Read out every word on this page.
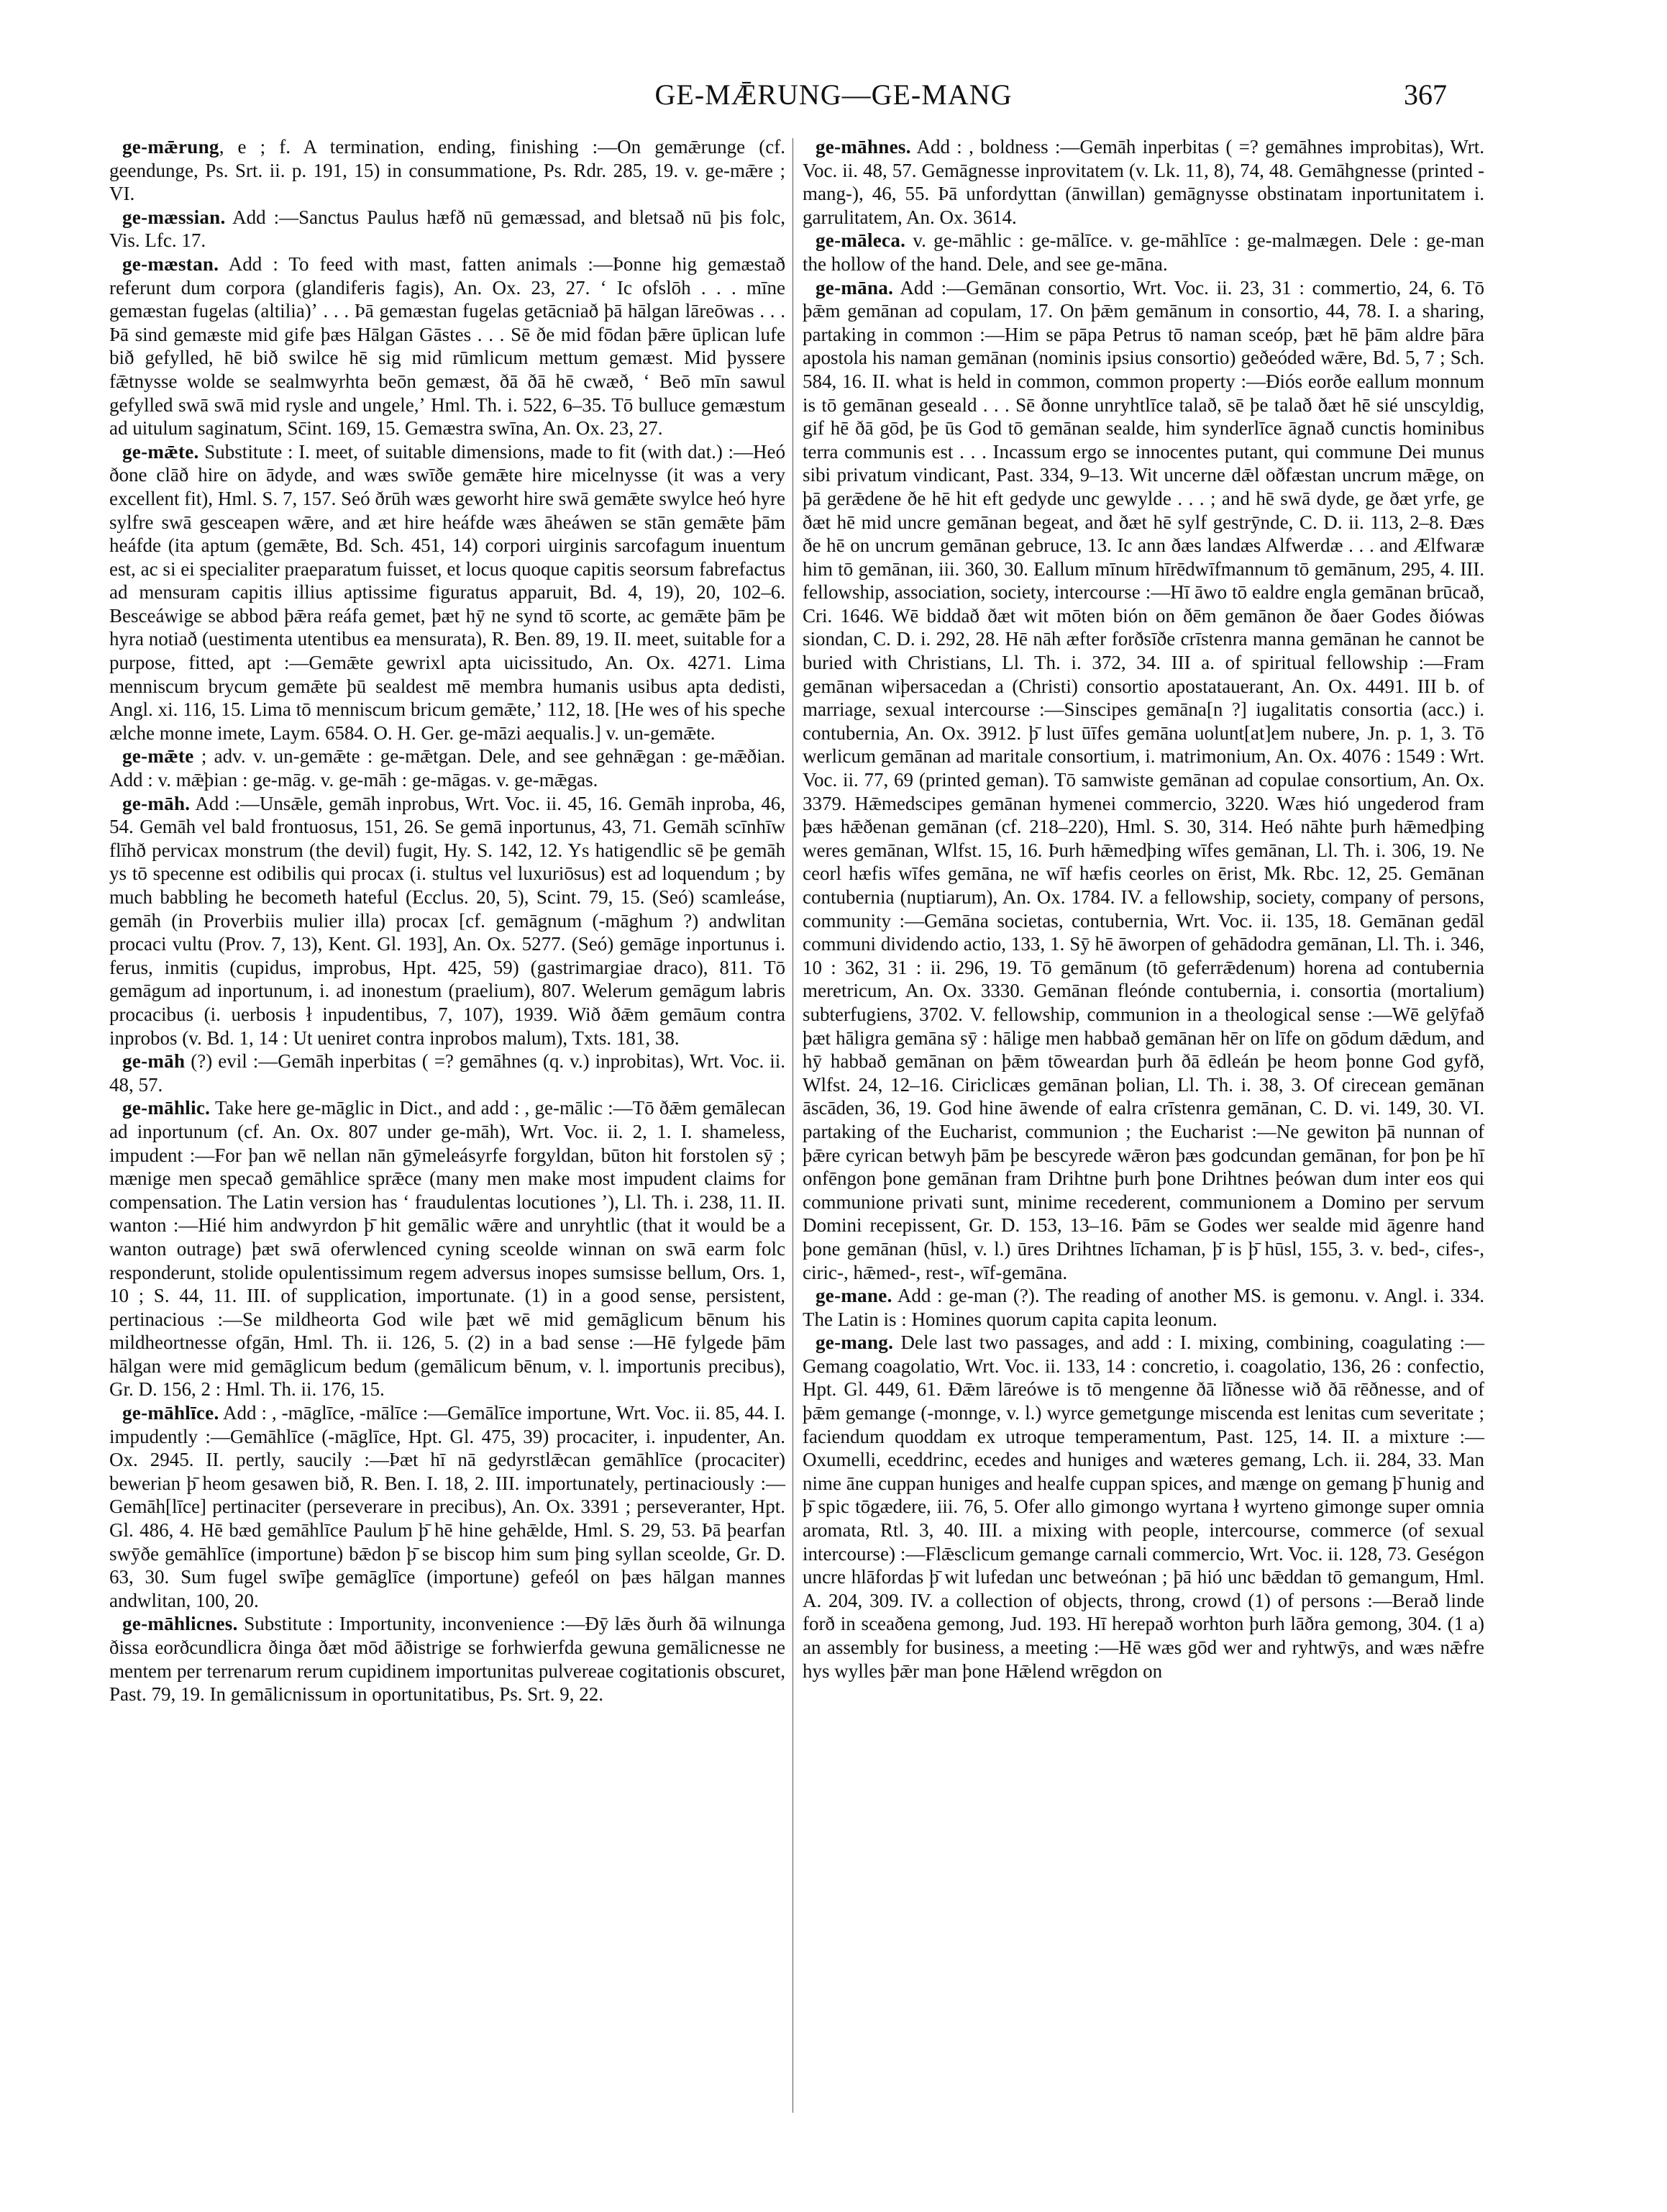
GE-MǢRUNG—GE-MANG	367

ge-mǣrung, e ; f. A termination, ending, finishing :—On gemǣrunge (cf. geendunge, Ps. Srt. ii. p. 191, 15) in consummatione, Ps. Rdr. 285, 19. v. ge-mǣre ; VI.

ge-mæssian. Add :—Sanctus Paulus hæfð nū gemæssad, and bletsað nū þis folc, Vis. Lfc. 17.

ge-mæstan. Add : To feed with mast, fatten animals :—Þonne hig gemæstað referunt dum corpora (glandiferis fagis), An. Ox. 23, 27. ʻ Ic ofslōh . . . mīne gemæstan fugelas (altilia)ʼ . . . Þā gemæstan fugelas getācniað þā hālgan lāreōwas . . . Þā sind gemæste mid gife þæs Hālgan Gāstes . . . Sē ðe mid fōdan þǣre ūplican lufe bið gefylled, hē bið swilce hē sig mid rūmlicum mettum gemæst. Mid þyssere fǣtnysse wolde se sealmwyrhta beōn gemæst, ðā ðā hē cwæð, ʻ Beō mīn sawul gefylled swā swā mid rysle and ungele,ʼ Hml. Th. i. 522, 6–35. Tō bulluce gemæstum ad uitulum saginatum, Sc̄int. 169, 15. Gemæstra swīna, An. Ox. 23, 27.

ge-mǣte. Substitute : I. meet, of suitable dimensions, made to fit (with dat.) :—Heó ðone clāð hire on ādyde, and wæs swīðe gemǣte hire micelnysse (it was a very excellent fit), Hml. S. 7, 157. Seó ðrūh wæs geworht hire swā gemǣte swylce heó hyre sylfre swā gesceapen wǣre, and æt hire heáfde wæs āheáwen se stān gemǣte þām heáfde (ita aptum (gemǣte, Bd. Sch. 451, 14) corpori uirginis sarcofagum inuentum est, ac si ei specialiter praeparatum fuisset, et locus quoque capitis seorsum fabrefactus ad mensuram capitis illius aptissime figuratus apparuit, Bd. 4, 19), 20, 102–6. Besceáwige se abbod þǣra reáfa gemet, þæt hȳ ne synd tō scorte, ac gemǣte þām þe hyra notiað (uestimenta utentibus ea mensurata), R. Ben. 89, 19. II. meet, suitable for a purpose, fitted, apt :—Gemǣte gewrixl apta uicissitudo, An. Ox. 4271. Lima menniscum brycum gemǣte þū sealdest mē membra humanis usibus apta dedisti, Angl. xi. 116, 15. Lima tō menniscum bricum gemǣte,ʼ 112, 18. [He wes of his speche ælche monne imete, Laym. 6584. O. H. Ger. ge-māzi aequalis.] v. un-gemǣte.

ge-mǣte ; adv. v. un-gemǣte : ge-mǣtgan. Dele, and see gehnǣgan : ge-mǣðian. Add : v. mǣþian : ge-māg. v. ge-māh : ge-māgas. v. ge-mǣgas.

ge-māh. Add :—Unsǣle, gemāh inprobus, Wrt. Voc. ii. 45, 16. Gemāh inproba, 46, 54. Gemāh vel bald frontuosus, 151, 26. Se gemā inportunus, 43, 71. Gemāh scīnhīw flīhð pervicax monstrum (the devil) fugit, Hy. S. 142, 12. Ys hatigendlic sē þe gemāh ys tō specenne est odibilis qui procax (i. stultus vel luxuriōsus) est ad loquendum ; by much babbling he becometh hateful (Ecclus. 20, 5), Scint. 79, 15. (Seó) scamleáse, gemāh (in Proverbiis mulier illa) procax [cf. gemāgnum (-māghum ?) andwlitan procaci vultu (Prov. 7, 13), Kent. Gl. 193], An. Ox. 5277. (Seó) gemāge inportunus i. ferus, inmitis (cupidus, improbus, Hpt. 425, 59) (gastrimargiae draco), 811. Tō gemāgum ad inportunum, i. ad inonestum (praelium), 807. Welerum gemāgum labris procacibus (i. uerbosis ł inpudentibus, 7, 107), 1939. Wið ðǣm gemāum contra inprobos (v. Bd. 1, 14 : Ut ueniret contra inprobos malum), Txts. 181, 38.

ge-māh (?) evil :—Gemāh inperbitas ( =? gemāhnes (q. v.) inprobitas), Wrt. Voc. ii. 48, 57.

ge-māhlic. Take here ge-māglic in Dict., and add : , ge-mālic :—Tō ðǣm gemālecan ad inportunum (cf. An. Ox. 807 under ge-māh), Wrt. Voc. ii. 2, 1. I. shameless, impudent :—For þan wē nellan nān gȳmeleásyrfe forgyldan, būton hit forstolen sȳ ; mænige men specað gemāhlice sprǣce (many men make most impudent claims for compensation. The Latin version has ʻ fraudulentas locutiones ʼ), Ll. Th. i. 238, 11. II. wanton :—Hié him andwyrdon þ̄ hit gemālic wǣre and unryhtlic (that it would be a wanton outrage) þæt swā oferwlenced cyning sceolde winnan on swā earm folc responderunt, stolide opulentissimum regem adversus inopes sumsisse bellum, Ors. 1, 10 ; S. 44, 11. III. of supplication, importunate. (1) in a good sense, persistent, pertinacious :—Se mildheorta God wile þæt wē mid gemāglicum bēnum his mildheortnesse ofgān, Hml. Th. ii. 126, 5. (2) in a bad sense :—Hē fylgede þām hālgan were mid gemāglicum bedum (gemālicum bēnum, v. l. importunis precibus), Gr. D. 156, 2 : Hml. Th. ii. 176, 15.

ge-māhlīce. Add : , -māglīce, -mālīce :—Gemālīce importune, Wrt. Voc. ii. 85, 44. I. impudently :—Gemāhlīce (-māglīce, Hpt. Gl. 475, 39) procaciter, i. inpudenter, An. Ox. 2945. II. pertly, saucily :—Þæt hī nā gedyrstlǣcan gemāhlīce (procaciter) bewerian þ̄ heom gesawen bið, R. Ben. I. 18, 2. III. importunately, pertinaciously :—Gemāh[līce] pertinaciter (perseverare in precibus), An. Ox. 3391 ; perseveranter, Hpt. Gl. 486, 4. Hē bæd gemāhlīce Paulum þ̄ hē hine gehǣlde, Hml. S. 29, 53. Þā þearfan swȳðe gemāhlīce (importune) bǣdon þ̄ se biscop him sum þing syllan sceolde, Gr. D. 63, 30. Sum fugel swīþe gemāglīce (importune) gefeól on þæs hālgan mannes andwlitan, 100, 20.

ge-māhlicnes. Substitute : Importunity, inconvenience :—Ðȳ lǣs ðurh ðā wilnunga ðissa eorðcundlicra ðinga ðæt mōd āðistrige se forhwierfda gewuna gemālicnesse ne mentem per terrenarum rerum cupidinem importunitas pulvereae cogitationis obscuret, Past. 79, 19. In gemālicnissum in oportunitatibus, Ps. Srt. 9, 22.

ge-māhnes. Add : , boldness :—Gemāh inperbitas ( =? gemāhnes improbitas), Wrt. Voc. ii. 48, 57. Gemāgnesse inprovitatem (v. Lk. 11, 8), 74, 48. Gemāhgnesse (printed -mang-), 46, 55. Þā unfordyttan (ānwillan) gemāgnysse obstinatam inportunitatem i. garrulitatem, An. Ox. 3614.

ge-māleca. v. ge-māhlic : ge-mālīce. v. ge-māhlīce : ge-malmægen. Dele : ge-man the hollow of the hand. Dele, and see ge-māna.

ge-māna. Add :—Gemānan consortio, Wrt. Voc. ii. 23, 31 : commertio, 24, 6. Tō þǣm gemānan ad copulam, 17. On þǣm gemānum in consortio, 44, 78. I. a sharing, partaking in common :—Him se pāpa Petrus tō naman sceóp, þæt hē þām aldre þāra apostola his naman gemānan (nominis ipsius consortio) geðeóded wǣre, Bd. 5, 7 ; Sch. 584, 16. II. what is held in common, common property :—Ðiós eorðe eallum monnum is tō gemānan geseald . . . Sē ðonne unryhtlīce talað, sē þe talað ðæt hē sié unscyldig, gif hē ðā gōd, þe ūs God tō gemānan sealde, him synderlīce āgnað cunctis hominibus terra communis est . . . Incassum ergo se innocentes putant, qui commune Dei munus sibi privatum vindicant, Past. 334, 9–13. Wit uncerne dǣl oðfæstan uncrum mǣge, on þā gerǣdene ðe hē hit eft gedyde unc gewylde . . . ; and hē swā dyde, ge ðæt yrfe, ge ðæt hē mid uncre gemānan begeat, and ðæt hē sylf gestrȳnde, C. D. ii. 113, 2–8. Ðæs ðe hē on uncrum gemānan gebruce, 13. Ic ann ðæs landæs Alfwerdæ . . . and Ælfwaræ him tō gemānan, iii. 360, 30. Eallum mīnum hīrēdwīfmannum tō gemānum, 295, 4. III. fellowship, association, society, intercourse :—Hī āwo tō ealdre engla gemānan brūcað, Cri. 1646. Wē biddað ðæt wit mōten bión on ðēm gemānon ðe ðaer Godes ðiówas siondan, C. D. i. 292, 28. Hē nāh æfter forðsīðe crīstenra manna gemānan he cannot be buried with Christians, Ll. Th. i. 372, 34. III a. of spiritual fellowship :—Fram gemānan wiþersacedan a (Christi) consortio apostatauerant, An. Ox. 4491. III b. of marriage, sexual intercourse :—Sinscipes gemāna[n ?] iugalitatis consortia (acc.) i. contubernia, An. Ox. 3912. þ̄ lust ūīfes gemāna uolunt[at]em nubere, Jn. p. 1, 3. Tō werlicum gemānan ad maritale consortium, i. matrimonium, An. Ox. 4076 : 1549 : Wrt. Voc. ii. 77, 69 (printed geman). Tō samwiste gemānan ad copulae consortium, An. Ox. 3379. Hǣmedscipes gemānan hymenei commercio, 3220. Wæs hió ungederod fram þæs hǣðenan gemānan (cf. 218–220), Hml. S. 30, 314. Heó nāhte þurh hǣmedþing weres gemānan, Wlfst. 15, 16. Þurh hǣmedþing wīfes gemānan, Ll. Th. i. 306, 19. Ne ceorl hæfis wīfes gemāna, ne wīf hæfis ceorles on ērist, Mk. Rbc. 12, 25. Gemānan contubernia (nuptiarum), An. Ox. 1784. IV. a fellowship, society, company of persons, community :—Gemāna societas, contubernia, Wrt. Voc. ii. 135, 18. Gemānan gedāl communi dividendo actio, 133, 1. Sȳ hē āworpen of gehādodra gemānan, Ll. Th. i. 346, 10 : 362, 31 : ii. 296, 19. Tō gemānum (tō geferrǣdenum) horena ad contubernia meretricum, An. Ox. 3330. Gemānan fleónde contubernia, i. consortia (mortalium) subterfugiens, 3702. V. fellowship, communion in a theological sense :—Wē gelȳfað þæt hāligra gemāna sȳ : hālige men habbað gemānan hēr on līfe on gōdum dǣdum, and hȳ habbað gemānan on þǣm tōweardan þurh ðā ēdleán þe heom þonne God gyfð, Wlfst. 24, 12–16. Ciriclicæs gemānan þolian, Ll. Th. i. 38, 3. Of cirecean gemānan āscāden, 36, 19. God hine āwende of ealra crīstenra gemānan, C. D. vi. 149, 30. VI. partaking of the Eucharist, communion ; the Eucharist :—Ne gewiton þā nunnan of þǣre cyrican betwyh þām þe bescyrede wǣron þæs godcundan gemānan, for þon þe hī onfēngon þone gemānan fram Drihtne þurh þone Drihtnes þeówan dum inter eos qui communione privati sunt, minime recederent, communionem a Domino per servum Domini recepissent, Gr. D. 153, 13–16. Þām se Godes wer sealde mid āgenre hand þone gemānan (hūsl, v. l.) ūres Drihtnes līchaman, þ̄ is þ̄ hūsl, 155, 3. v. bed-, cifes-, ciric-, hǣmed-, rest-, wīf-gemāna.

ge-mane. Add : ge-man (?). The reading of another MS. is gemonu. v. Angl. i. 334. The Latin is : Homines quorum capita capita leonum.

ge-mang. Dele last two passages, and add : I. mixing, combining, coagulating :—Gemang coagolatio, Wrt. Voc. ii. 133, 14 : concretio, i. coagolatio, 136, 26 : confectio, Hpt. Gl. 449, 61. Ðǣm lāreówe is tō mengenne ðā līðnesse wið ðā rēðnesse, and of þǣm gemange (-monnge, v. l.) wyrce gemetgunge miscenda est lenitas cum severitate ; faciendum quoddam ex utroque temperamentum, Past. 125, 14. II. a mixture :—Oxumelli, eceddrinc, ecedes and huniges and wæteres gemang, Lch. ii. 284, 33. Man nime āne cuppan huniges and healfe cuppan spices, and mænge on gemang þ̄ hunig and þ̄ spic tōgædere, iii. 76, 5. Ofer allo gimongo wyrtana ł wyrteno gimonge super omnia aromata, Rtl. 3, 40. III. a mixing with people, intercourse, commerce (of sexual intercourse) :—Flǣsclicum gemange carnali commercio, Wrt. Voc. ii. 128, 73. Geségon uncre hlāfordas þ̄ wit lufedan unc betweónan ; þā hió unc bǣddan tō gemangum, Hml. A. 204, 309. IV. a collection of objects, throng, crowd (1) of persons :—Berað linde forð in sceaðena gemong, Jud. 193. Hī herepað worhton þurh lāðra gemong, 304. (1 a) an assembly for business, a meeting :—Hē wæs gōd wer and ryhtwȳs, and wæs nǣfre hys wylles þǣr man þone Hǣlend wrēgdon on
